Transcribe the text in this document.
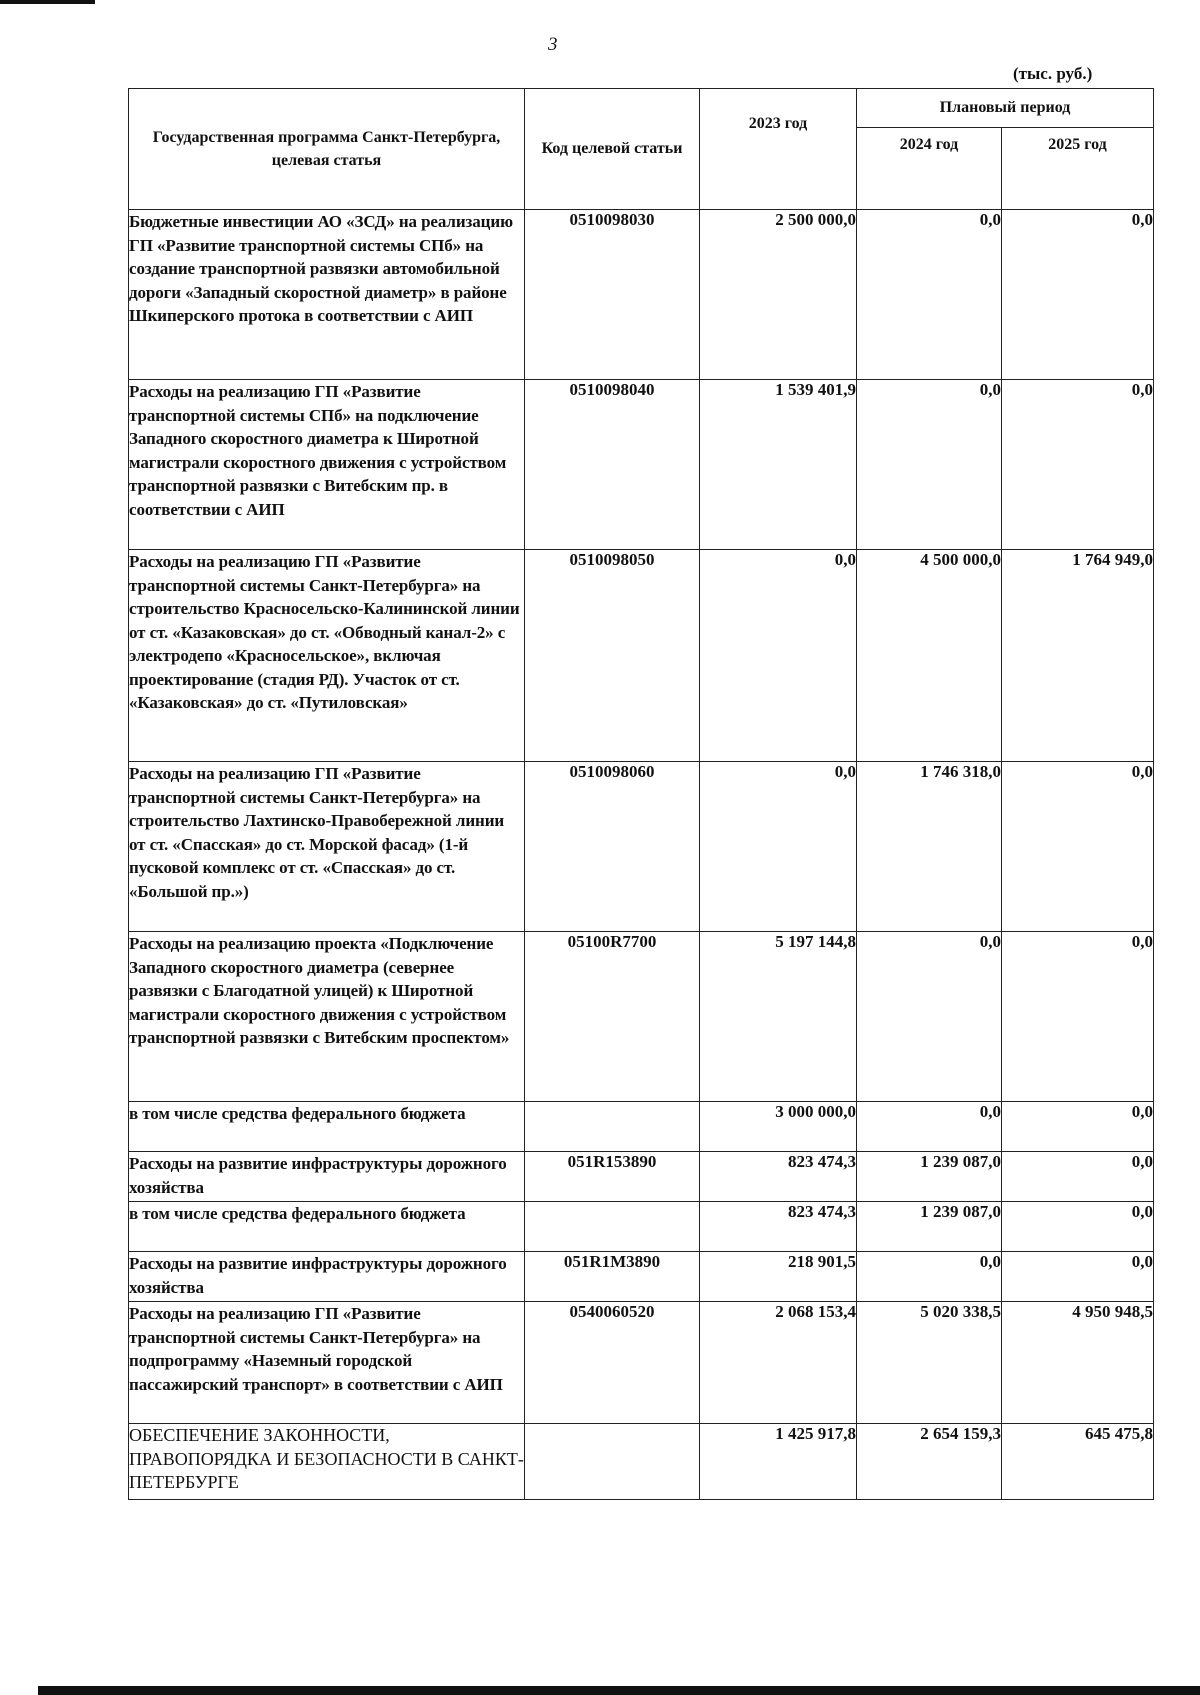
3
(тыс. руб.)
Государственная программа Санкт-Петербурга, целевая статья	Код целевой статьи	2023 год	Плановый период	
			2024 год	2025 год
Бюджетные инвестиции АО «ЗСД» на реализацию ГП «Развитие транспортной системы СПб» на создание транспортной развязки автомобильной дороги «Западный скоростной диаметр» в районе Шкиперского протока в соответствии с АИП	0510098030	2 500 000,0	0,0	0,0
Расходы на реализацию ГП «Развитие транспортной системы СПб» на подключение Западного скоростного диаметра к Широтной магистрали скоростного движения с устройством транспортной развязки с Витебским пр. в соответствии с АИП	0510098040	1 539 401,9	0,0	0,0
Расходы на реализацию ГП «Развитие транспортной системы Санкт-Петербурга» на строительство Красносельско-Калининской линии от ст. «Казаковская» до ст. «Обводный канал-2» с электродепо «Красносельское», включая проектирование (стадия РД). Участок от ст. «Казаковская» до ст. «Путиловская»	0510098050	0,0	4 500 000,0	1 764 949,0
Расходы на реализацию ГП «Развитие транспортной системы Санкт-Петербурга» на строительство Лахтинско-Правобережной линии от ст. «Спасская» до ст. Морской фасад» (1-й пусковой комплекс от ст. «Спасская» до ст. «Большой пр.»)	0510098060	0,0	1 746 318,0	0,0
Расходы на реализацию проекта «Подключение Западного скоростного диаметра (севернее развязки с Благодатной улицей) к Широтной магистрали скоростного движения с устройством транспортной развязки с Витебским проспектом»	05100R7700	5 197 144,8	0,0	0,0
в том числе средства федерального бюджета		3 000 000,0	0,0	0,0
Расходы на развитие инфраструктуры дорожного хозяйства	051R153890	823 474,3	1 239 087,0	0,0
в том числе средства федерального бюджета		823 474,3	1 239 087,0	0,0
Расходы на развитие инфраструктуры дорожного хозяйства	051R1M3890	218 901,5	0,0	0,0
Расходы на реализацию ГП «Развитие транспортной системы Санкт-Петербурга» на подпрограмму «Наземный городской пассажирский транспорт» в соответствии с АИП	0540060520	2 068 153,4	5 020 338,5	4 950 948,5
ОБЕСПЕЧЕНИЕ ЗАКОННОСТИ, ПРАВОПОРЯДКА И БЕЗОПАСНОСТИ В САНКТ-ПЕТЕРБУРГЕ		1 425 917,8	2 654 159,3	645 475,8
